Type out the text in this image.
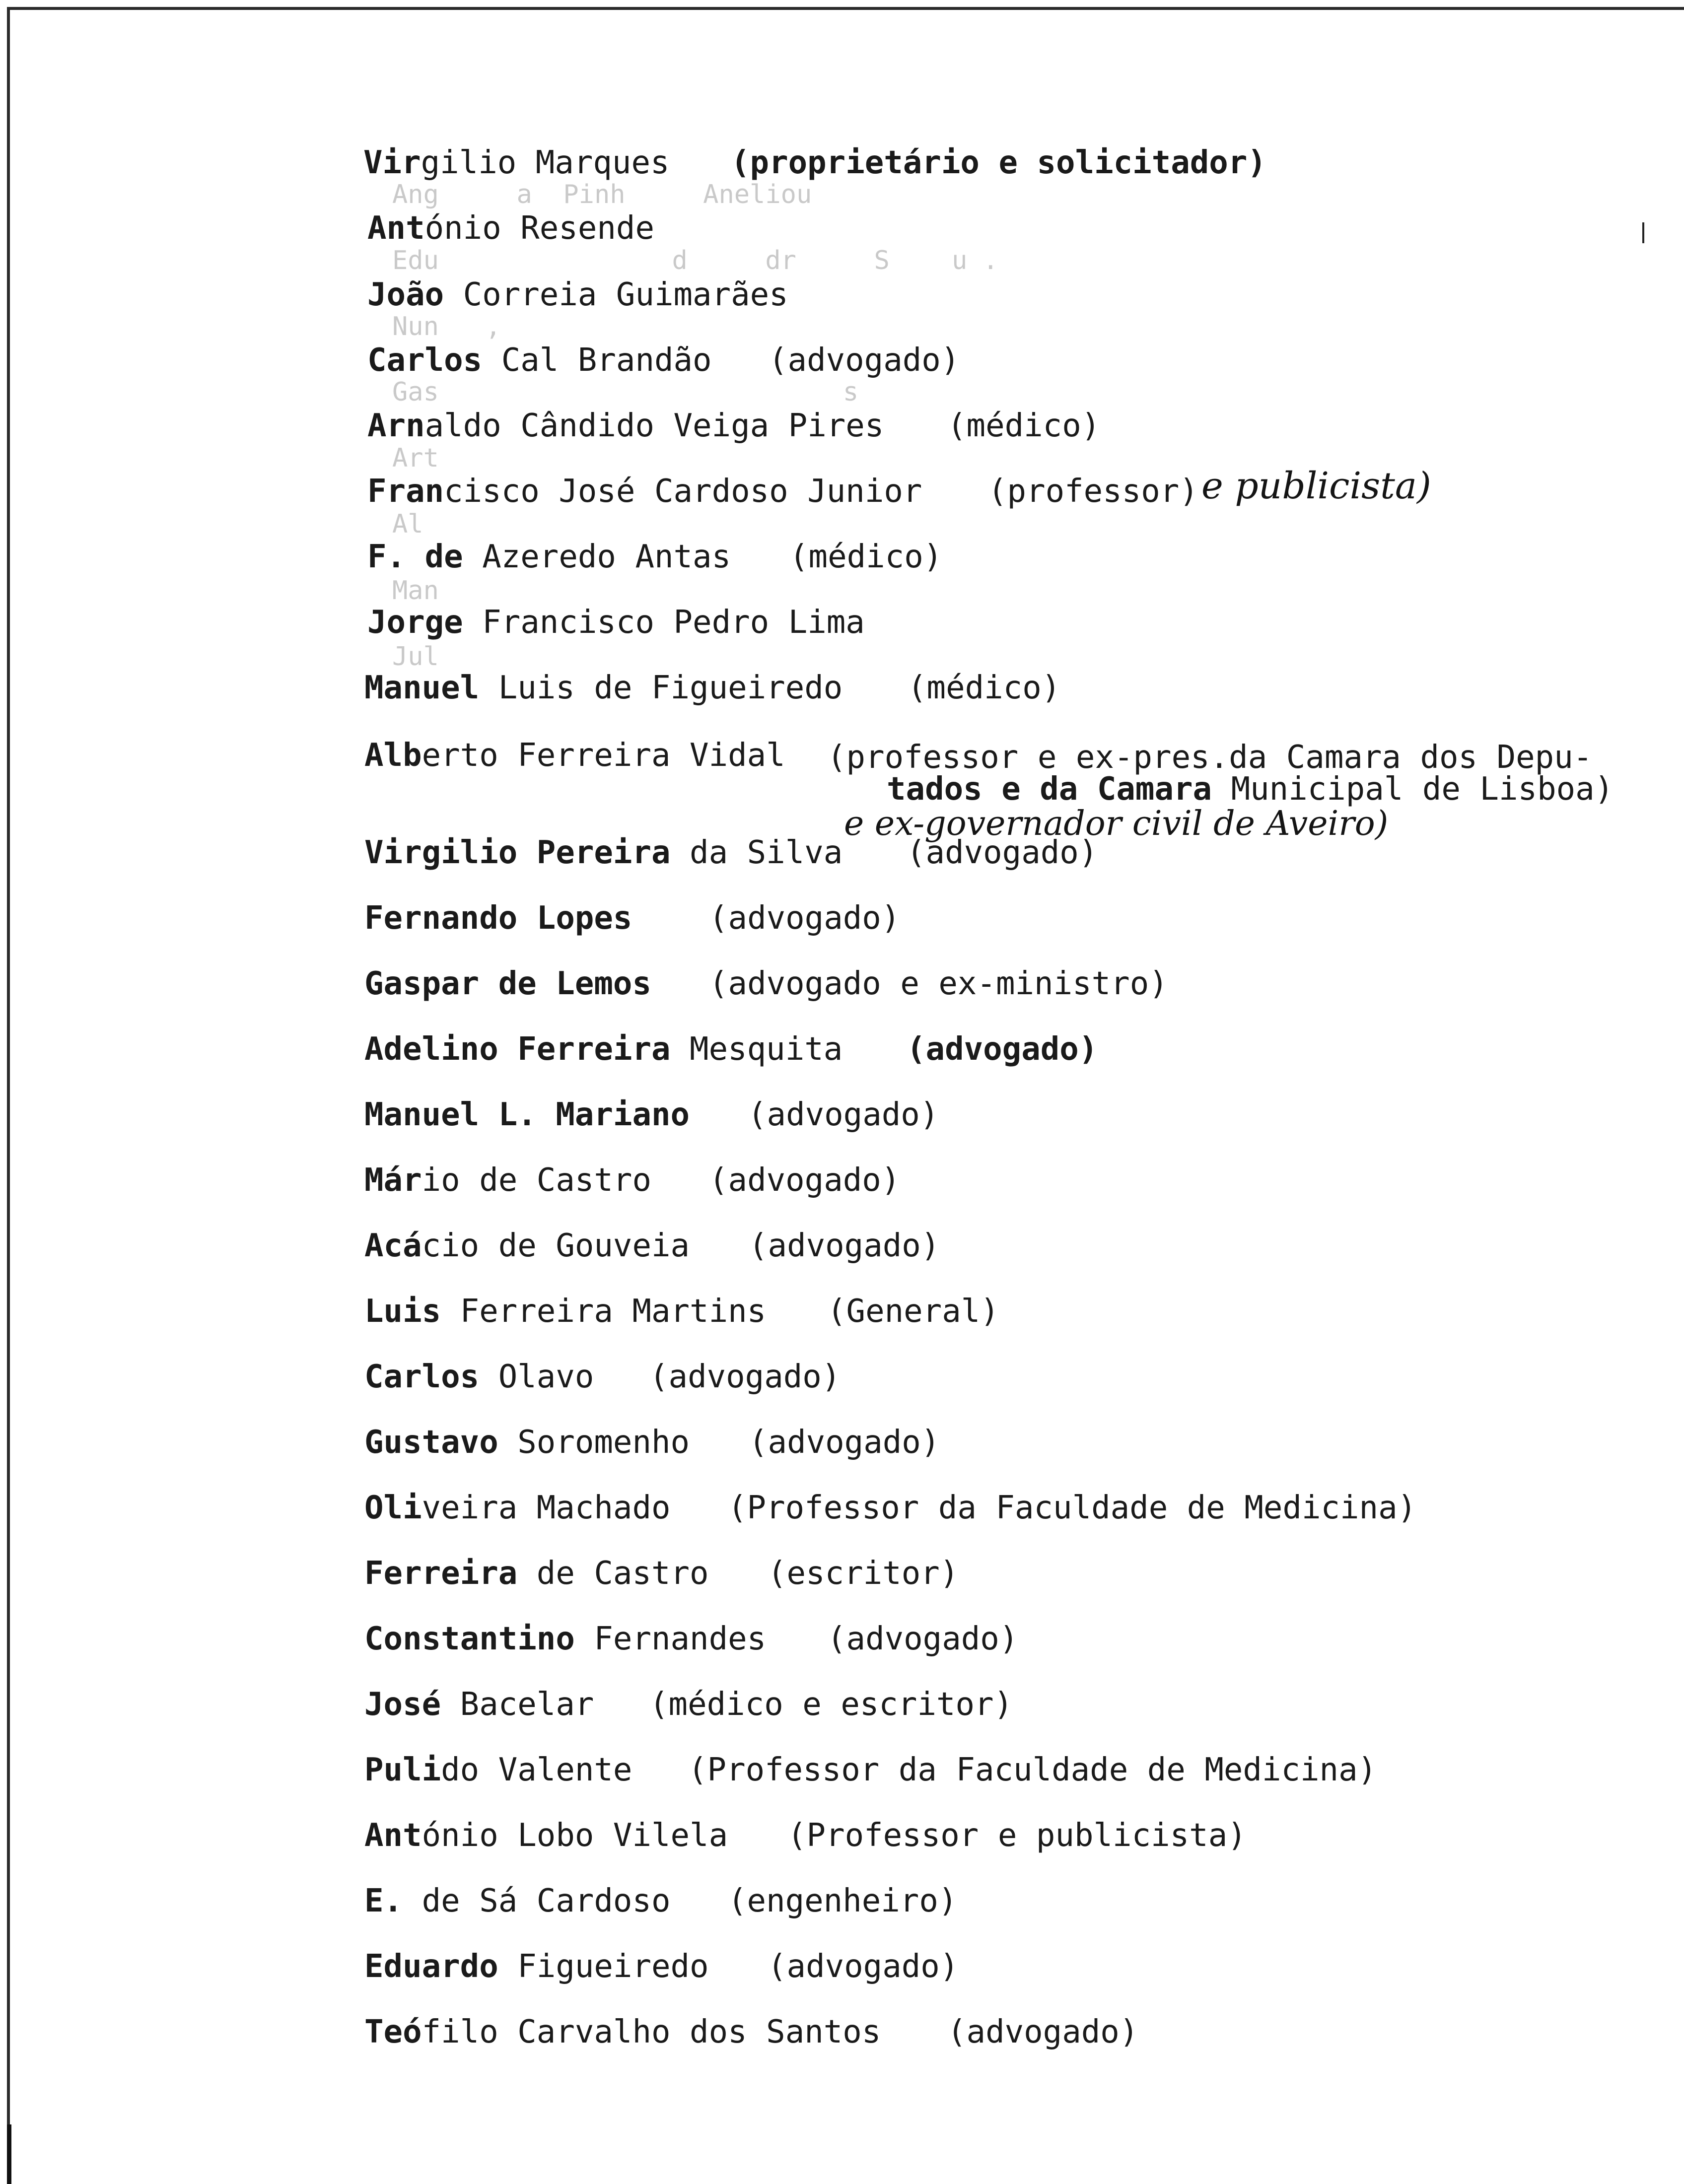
Ang     a  Pinh     Aneliou
Edu               d     dr     S    u .
Nun   ,
Gas                          s
Art
Al
Man
Jul
Virgilio Marques (proprietário e solicitador)
António Resende
João Correia Guimarães
Carlos Cal Brandão (advogado)
Arnaldo Cândido Veiga Pires (médico)
Francisco José Cardoso Junior (professor) e publicista)
F. de Azeredo Antas (médico)
Jorge Francisco Pedro Lima
Manuel Luis de Figueiredo (médico)
Alberto Ferreira Vidal (professor e ex-pres.da Camara dos Depu-
tados e da Camara Municipal de Lisboa)
e ex-governador civil de Aveiro)
Virgilio Pereira da Silva (advogado)
Fernando Lopes (advogado)
Gaspar de Lemos (advogado e ex-ministro)
Adelino Ferreira Mesquita (advogado)
Manuel L. Mariano (advogado)
Mário de Castro (advogado)
Acácio de Gouveia (advogado)
Luis Ferreira Martins (General)
Carlos Olavo (advogado)
Gustavo Soromenho (advogado)
Oliveira Machado (Professor da Faculdade de Medicina)
Ferreira de Castro (escritor)
Constantino Fernandes (advogado)
José Bacelar (médico e escritor)
Pulido Valente (Professor da Faculdade de Medicina)
António Lobo Vilela (Professor e publicista)
E. de Sá Cardoso (engenheiro)
Eduardo Figueiredo (advogado)
Teófilo Carvalho dos Santos (advogado)
